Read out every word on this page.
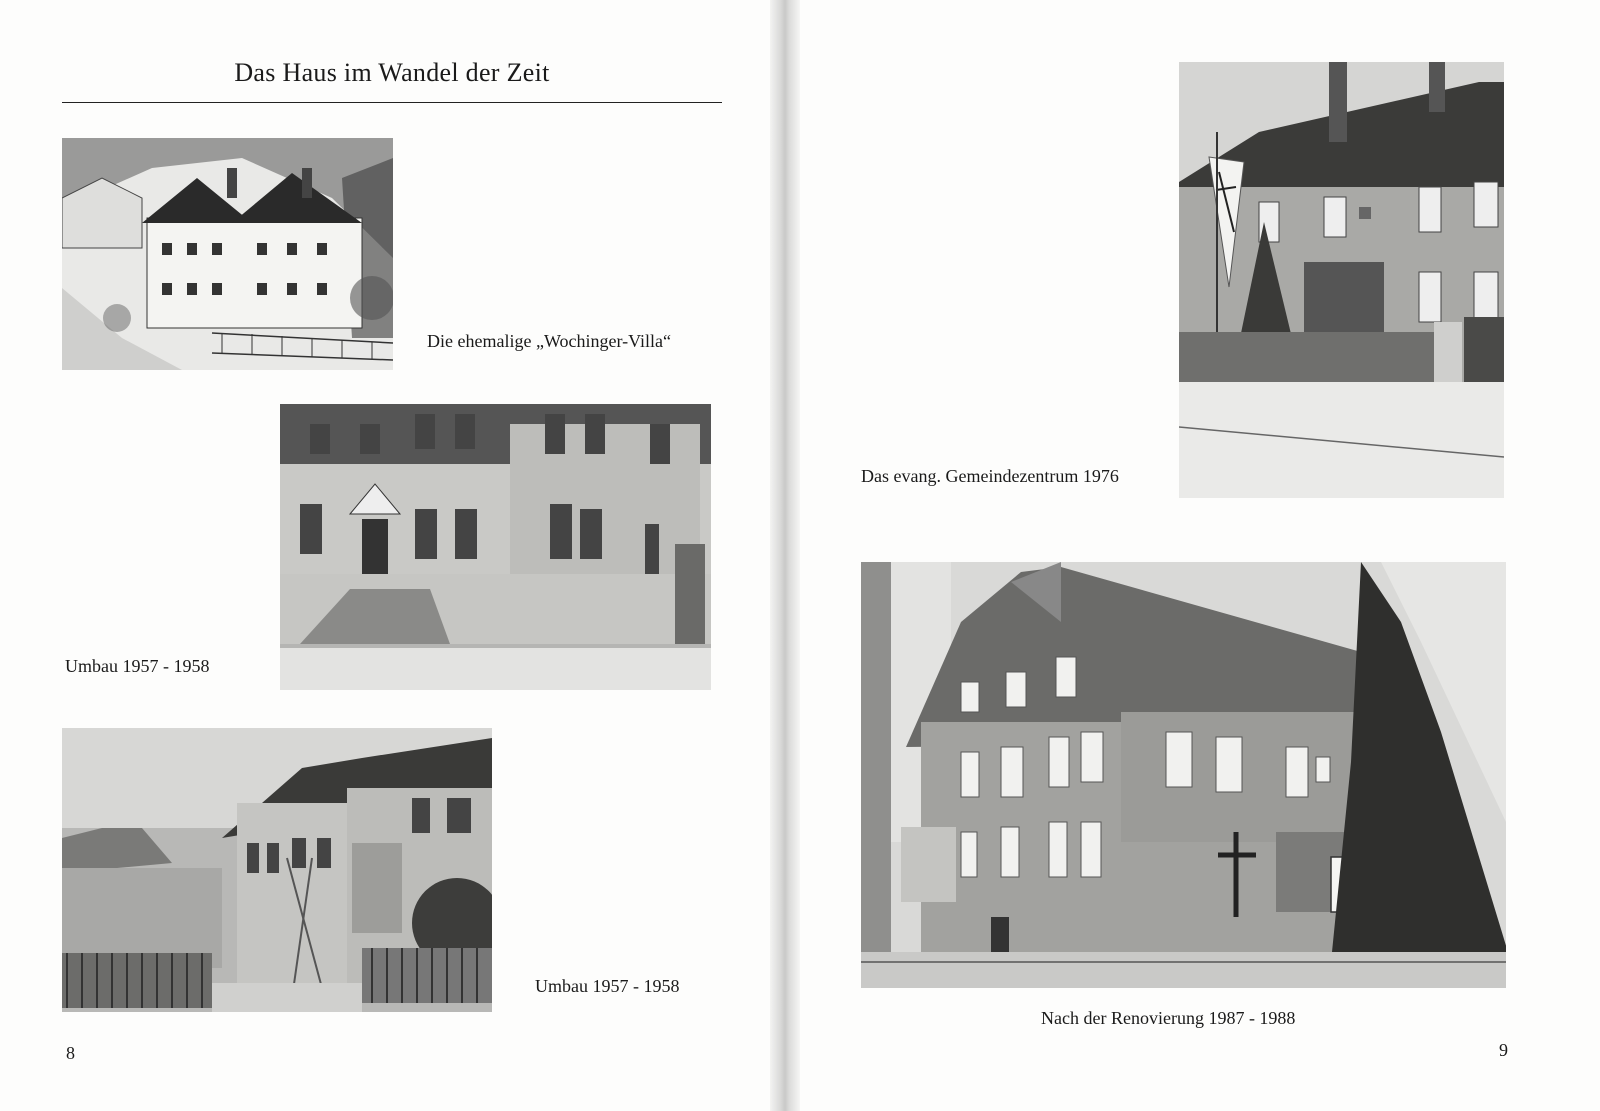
Das Haus im Wandel der Zeit
Die ehemalige „Wochinger-Villa“
Umbau 1957 - 1958
Umbau 1957 - 1958
8
Das evang. Gemeindezentrum 1976
Nach der Renovierung 1987 - 1988
9
